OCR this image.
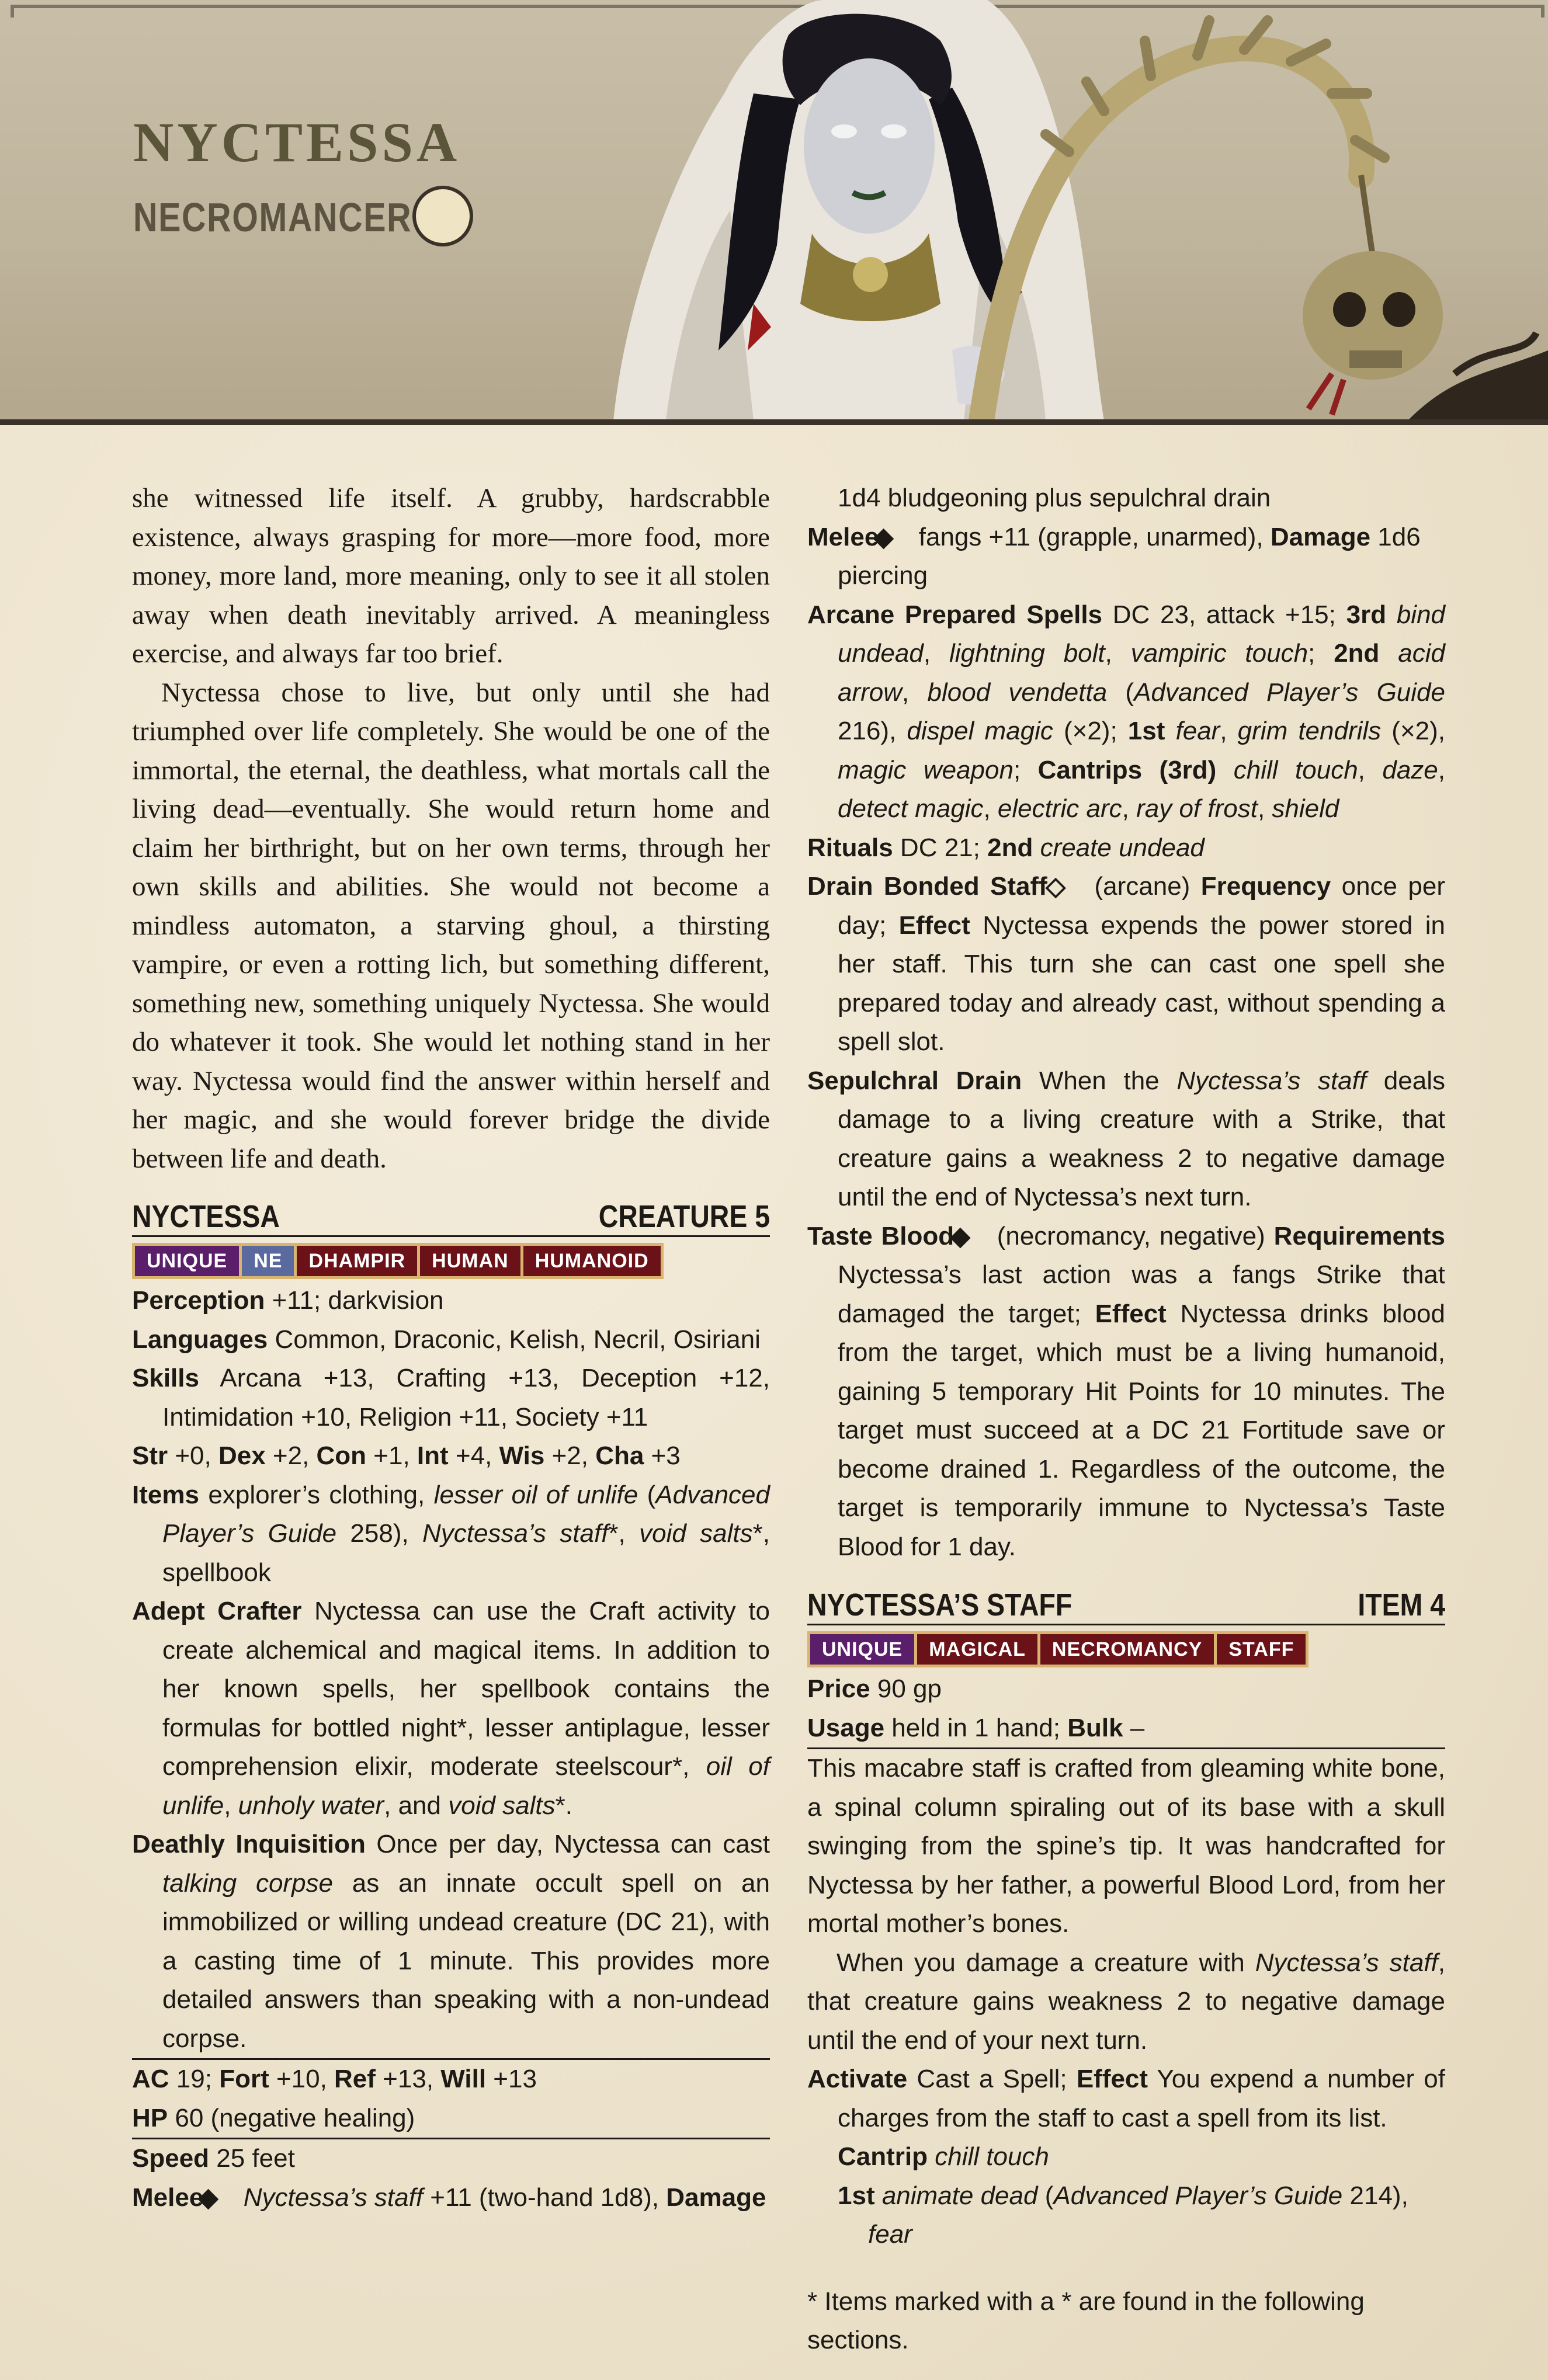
NYCTESSA
NECROMANCER

she witnessed life itself. A grubby, hardscrabble existence, always grasping for more—more food, more money, more land, more meaning, only to see it all stolen away when death inevitably arrived. A meaningless exercise, and always far too brief.

Nyctessa chose to live, but only until she had triumphed over life completely. She would be one of the immortal, the eternal, the deathless, what mortals call the living dead—eventually. She would return home and claim her birthright, but on her own terms, through her own skills and abilities. She would not become a mindless automaton, a starving ghoul, a thirsting vampire, or even a rotting lich, but something different, something new, something uniquely Nyctessa. She would do whatever it took. She would let nothing stand in her way. Nyctessa would find the answer within herself and her magic, and she would forever bridge the divide between life and death.

NYCTESSA	CREATURE 5
UNIQUE	NE	DHAMPIR	HUMAN	HUMANOID

Perception +11; darkvision

Languages Common, Draconic, Kelish, Necril, Osiriani

Skills Arcana +13, Crafting +13, Deception +12, Intimidation +10, Religion +11, Society +11

Str +0, Dex +2, Con +1, Int +4, Wis +2, Cha +3

Items explorer’s clothing, lesser oil of unlife (Advanced Player’s Guide 258), Nyctessa’s staff*, void salts*, spellbook

Adept Crafter Nyctessa can use the Craft activity to create alchemical and magical items. In addition to her known spells, her spellbook contains the formulas for bottled night*, lesser antiplague, lesser comprehension elixir, moderate steelscour*, oil of unlife, unholy water, and void salts*.

Deathly Inquisition Once per day, Nyctessa can cast talking corpse as an innate occult spell on an immobilized or willing undead creature (DC 21), with a casting time of 1 minute. This provides more detailed answers than speaking with a non-undead corpse.

AC 19; Fort +10, Ref +13, Will +13

HP 60 (negative healing)

Speed 25 feet

Melee ◆ Nyctessa’s staff +11 (two-hand 1d8), Damage

1d4 bludgeoning plus sepulchral drain

Melee ◆ fangs +11 (grapple, unarmed), Damage 1d6 piercing

Arcane Prepared Spells DC 23, attack +15; 3rd bind undead, lightning bolt, vampiric touch; 2nd acid arrow, blood vendetta (Advanced Player’s Guide 216), dispel magic (×2); 1st fear, grim tendrils (×2), magic weapon; Cantrips (3rd) chill touch, daze, detect magic, electric arc, ray of frost, shield

Rituals DC 21; 2nd create undead

Drain Bonded Staff ◇ (arcane) Frequency once per day; Effect Nyctessa expends the power stored in her staff. This turn she can cast one spell she prepared today and already cast, without spending a spell slot.

Sepulchral Drain When the Nyctessa’s staff deals damage to a living creature with a Strike, that creature gains a weakness 2 to negative damage until the end of Nyctessa’s next turn.

Taste Blood ◆ (necromancy, negative) Requirements Nyctessa’s last action was a fangs Strike that damaged the target; Effect Nyctessa drinks blood from the target, which must be a living humanoid, gaining 5 temporary Hit Points for 10 minutes. The target must succeed at a DC 21 Fortitude save or become drained 1. Regardless of the outcome, the target is temporarily immune to Nyctessa’s Taste Blood for 1 day.

NYCTESSA’S STAFF	ITEM 4
UNIQUE	MAGICAL	NECROMANCY	STAFF

Price 90 gp

Usage held in 1 hand; Bulk –

This macabre staff is crafted from gleaming white bone, a spinal column spiraling out of its base with a skull swinging from the spine’s tip. It was handcrafted for Nyctessa by her father, a powerful Blood Lord, from her mortal mother’s bones.

When you damage a creature with Nyctessa’s staff, that creature gains weakness 2 to negative damage until the end of your next turn.

Activate Cast a Spell; Effect You expend a number of charges from the staff to cast a spell from its list.

Cantrip chill touch

1st animate dead (Advanced Player’s Guide 214), fear

* Items marked with a * are found in the following sections.
